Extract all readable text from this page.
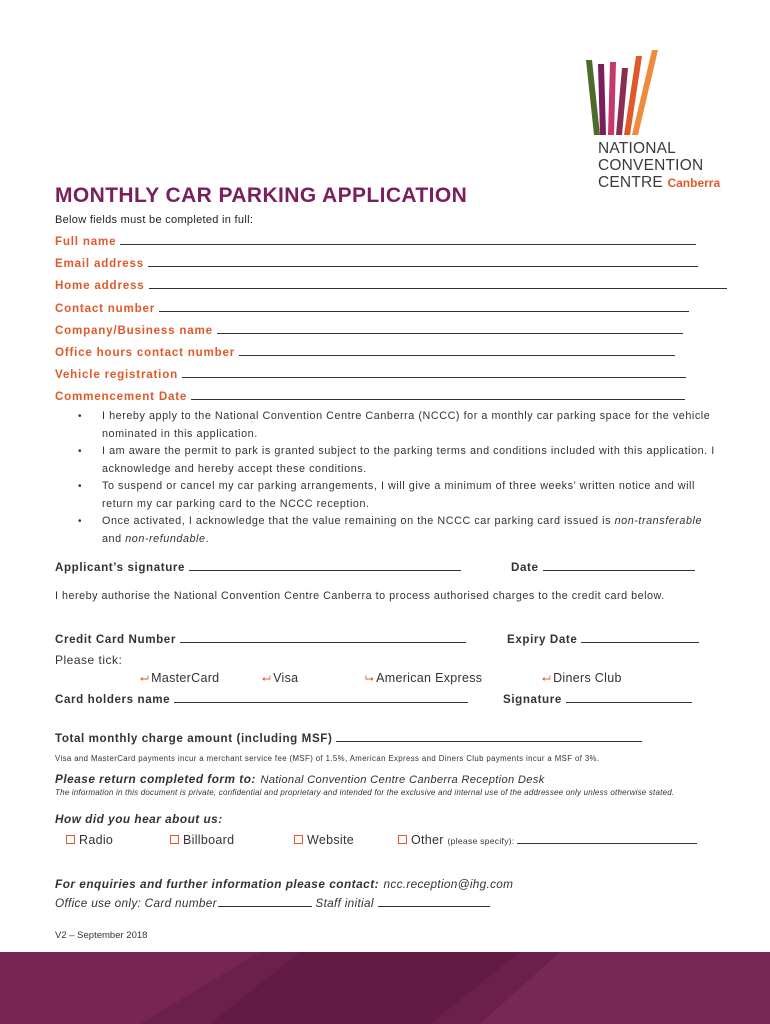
NATIONAL
CONVENTION
CENTRE Canberra
MONTHLY CAR PARKING APPLICATION
Below fields must be completed in full:
Full name
Email address
Home address
Contact number
Company/Business name
Office hours contact number
Vehicle registration
Commencement Date
• I hereby apply to the National Convention Centre Canberra (NCCC) for a monthly car parking space for the vehicle nominated in this application.
• I am aware the permit to park is granted subject to the parking terms and conditions included with this application. I acknowledge and hereby accept these conditions.
• To suspend or cancel my car parking arrangements, I will give a minimum of three weeks’ written notice and will return my car parking card to the NCCC reception.
• Once activated, I acknowledge that the value remaining on the NCCC car parking card issued is non-transferable and non-refundable.
Applicant’s signature	Date
I hereby authorise the National Convention Centre Canberra to process authorised charges to the credit card below.
Credit Card Number	Expiry Date
Please tick:
⮠ MasterCard	⮠ Visa	⮡ American Express	⮠ Diners Club
Card holders name	Signature
Total monthly charge amount (including MSF)
Visa and MasterCard payments incur a merchant service fee (MSF) of 1.5%, American Express and Diners Club payments incur a MSF of 3%.
Please return completed form to: National Convention Centre Canberra Reception Desk
The information in this document is private, confidential and proprietary and intended for the exclusive and internal use of the addressee only unless otherwise stated.
How did you hear about us:
Radio	Billboard	Website	Other (please specify):
For enquiries and further information please contact: ncc.reception@ihg.com
Office use only: Card number	Staff initial
V2 – September 2018
